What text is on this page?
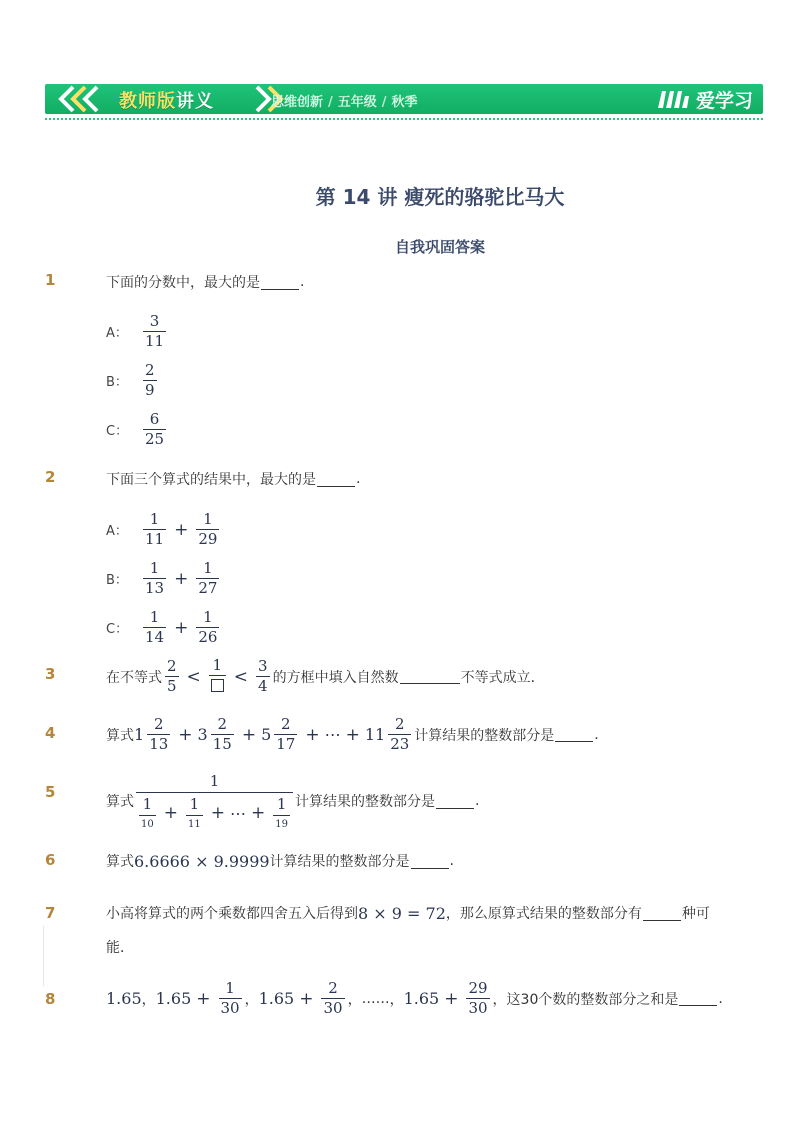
教师版讲义	思维创新 / 五年级 / 秋季	爱学习
第 14 讲 瘦死的骆驼比马大
自我巩固答案
1	下面的分数中，最大的是	.
A：	$\frac{3}{11}$
B：	$\frac{2}{9}$
C： $\frac{6}{25}$
2	下面三个算式的结果中，最大的是	.
A：	$\frac{1}{11} + \frac{1}{29}$
B：	$\frac{1}{13} + \frac{1}{27}$
C： $\frac{1}{14} + \frac{1}{26}$
3	在不等式 $\frac{2}{5}$ <
1
< $\frac{3}{4}$ 的方框中填入自然数	不等式成立．
4	算式 $1 \frac{2}{13} + 3 \frac{2}{15} + 5 \frac{2}{17}$ + ⋯ + $11 \frac{2}{23}$ 计算结果的整数部分是	.
5
算式 $\frac{1}{\frac{1}{10} + \frac{1}{11} + \cdots + \frac{1}{19}}$ 计算结果的整数部分是	.
6	算式 6.6666 × 9.9999 计算结果的整数部分是	.
7	小高将算式的两个乘数都四舍五入后得到 8 × 9 = 72 ，那么原算式结果的整数部分有	种可
能．
8	1.65 ， $1.65 + \frac{1}{30}$ ， $1.65 + \frac{2}{30}$ ， …… ， $1.65 + \frac{29}{30}$ ，这30个数的整数部分之和是	.
